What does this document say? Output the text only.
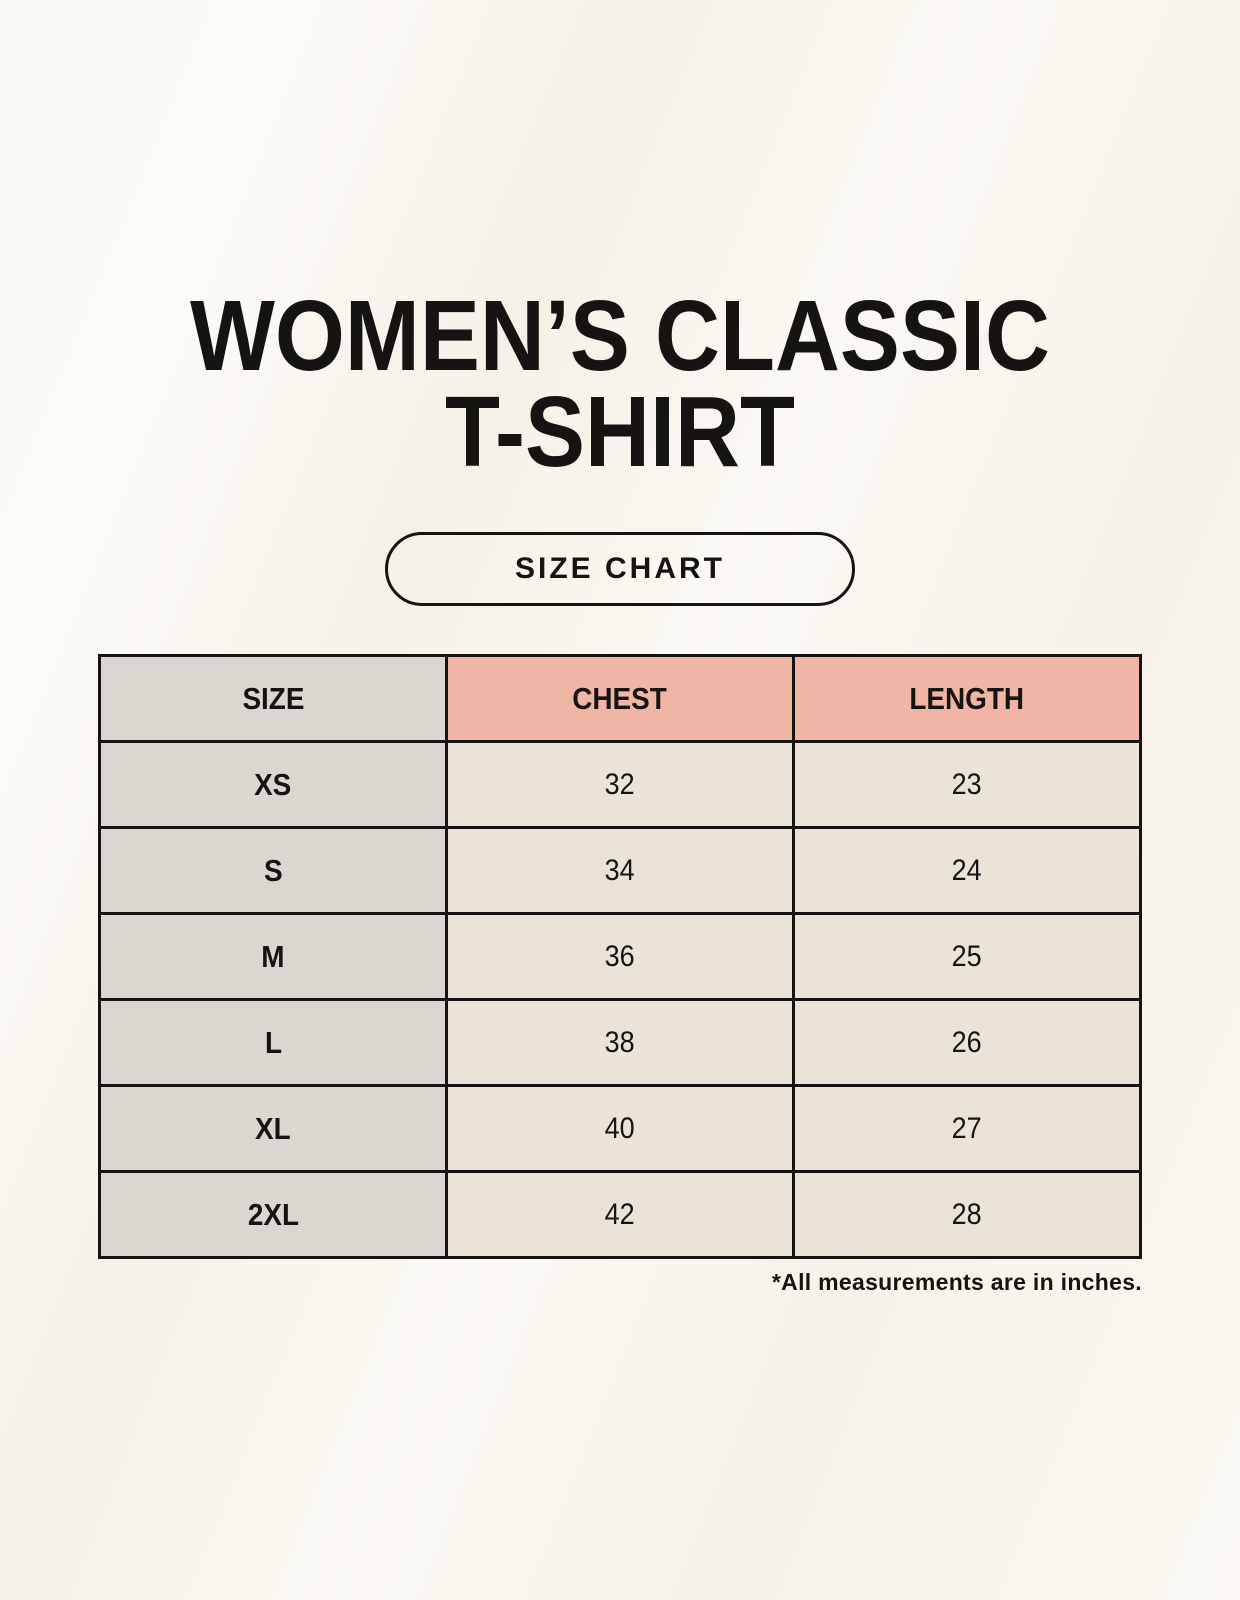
WOMEN’S CLASSIC
T-SHIRT
SIZE CHART
SIZE	CHEST	LENGTH
XS	32	23
S	34	24
M	36	25
L	38	26
XL	40	27
2XL	42	28

*All measurements are in inches.
